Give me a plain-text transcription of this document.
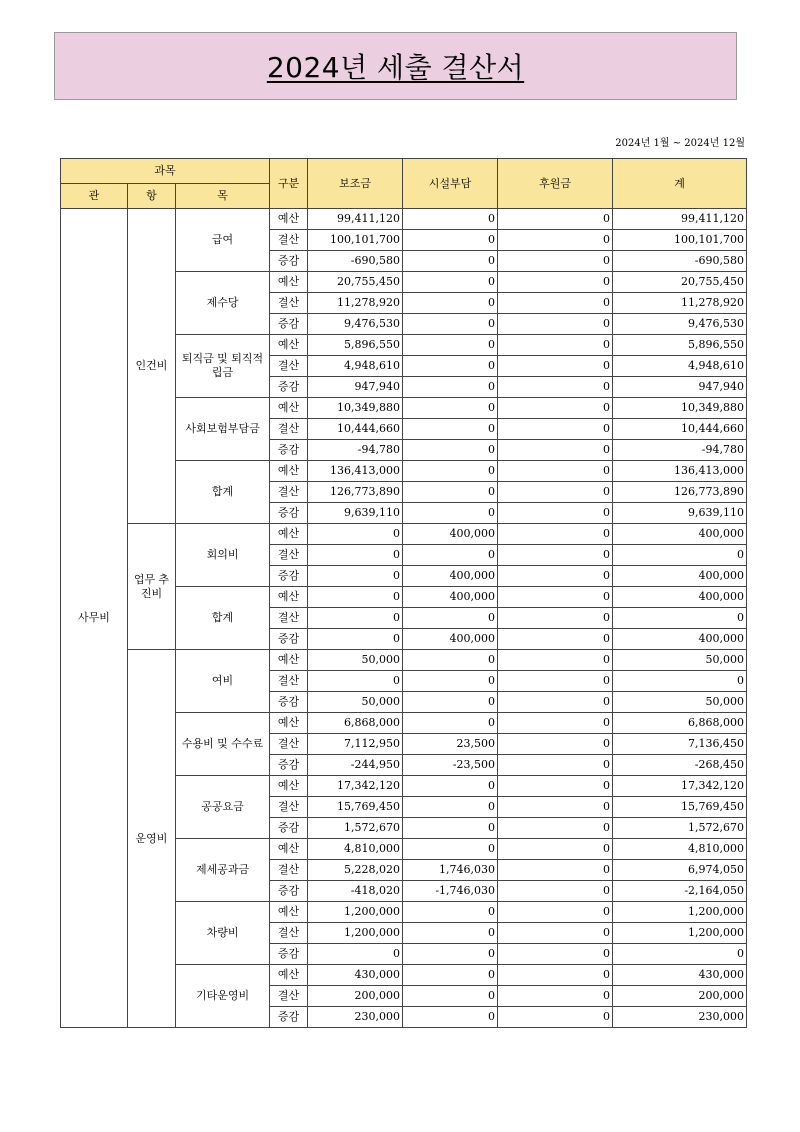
2024년 세출 결산서
2024년 1월 ~ 2024년 12월
과목			구분	보조금	시설부담	후원금	계
관	항	목					
사무비	인건비	급여	예산	99,411,120	0	0	99,411,120
			결산	100,101,700	0	0	100,101,700
			증감	-690,580	0	0	-690,580
		제수당	예산	20,755,450	0	0	20,755,450
			결산	11,278,920	0	0	11,278,920
			증감	9,476,530	0	0	9,476,530
		퇴직금 및 퇴직적립금	예산	5,896,550	0	0	5,896,550
			결산	4,948,610	0	0	4,948,610
			증감	947,940	0	0	947,940
		사회보험부담금	예산	10,349,880	0	0	10,349,880
			결산	10,444,660	0	0	10,444,660
			증감	-94,780	0	0	-94,780
		합계	예산	136,413,000	0	0	136,413,000
			결산	126,773,890	0	0	126,773,890
			증감	9,639,110	0	0	9,639,110
	업무 추진비	회의비	예산	0	400,000	0	400,000
			결산	0	0	0	0
			증감	0	400,000	0	400,000
		합계	예산	0	400,000	0	400,000
			결산	0	0	0	0
			증감	0	400,000	0	400,000
	운영비	여비	예산	50,000	0	0	50,000
			결산	0	0	0	0
			증감	50,000	0	0	50,000
		수용비 및 수수료	예산	6,868,000	0	0	6,868,000
			결산	7,112,950	23,500	0	7,136,450
			증감	-244,950	-23,500	0	-268,450
		공공요금	예산	17,342,120	0	0	17,342,120
			결산	15,769,450	0	0	15,769,450
			증감	1,572,670	0	0	1,572,670
		제세공과금	예산	4,810,000	0	0	4,810,000
			결산	5,228,020	1,746,030	0	6,974,050
			증감	-418,020	-1,746,030	0	-2,164,050
		차량비	예산	1,200,000	0	0	1,200,000
			결산	1,200,000	0	0	1,200,000
			증감	0	0	0	0
		기타운영비	예산	430,000	0	0	430,000
			결산	200,000	0	0	200,000
			증감	230,000	0	0	230,000
